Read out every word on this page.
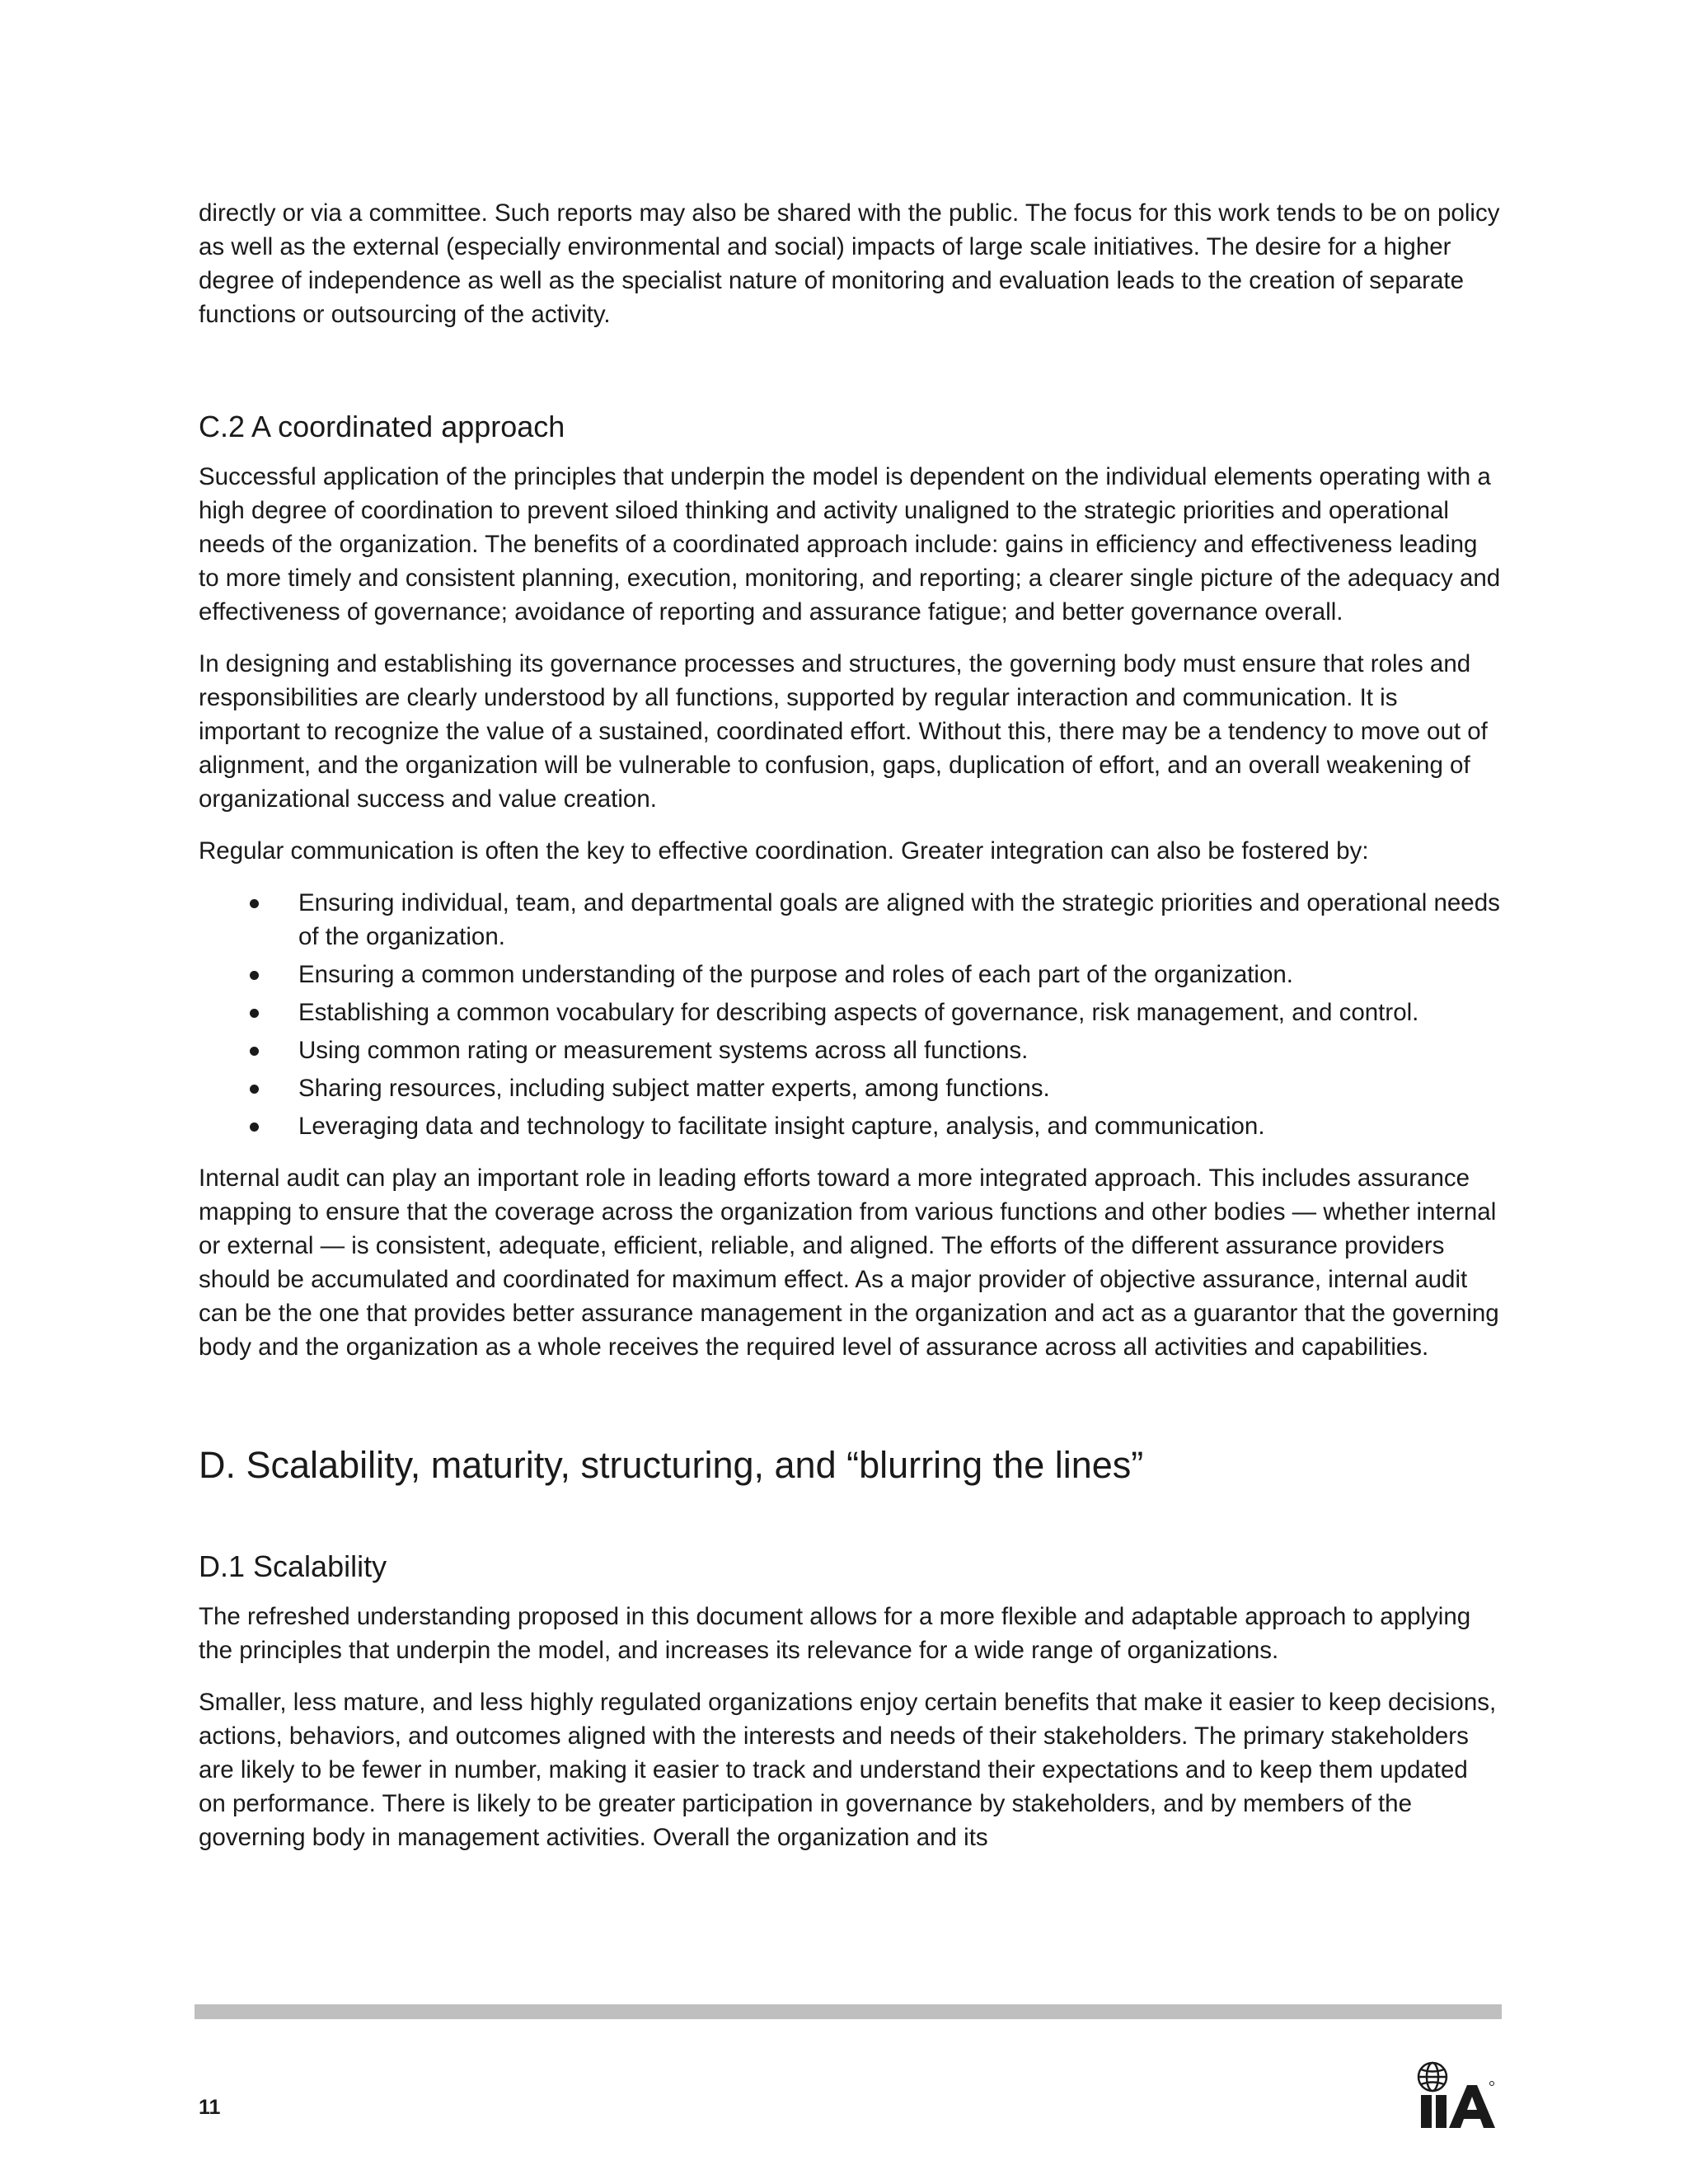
directly or via a committee. Such reports may also be shared with the public. The focus for this work tends to be on policy as well as the external (especially environmental and social) impacts of large scale initiatives. The desire for a higher degree of independence as well as the specialist nature of monitoring and evaluation leads to the creation of separate functions or outsourcing of the activity.

C.2 A coordinated approach

Successful application of the principles that underpin the model is dependent on the individual elements operating with a high degree of coordination to prevent siloed thinking and activity unaligned to the strategic priorities and operational needs of the organization. The benefits of a coordinated approach include: gains in efficiency and effectiveness leading to more timely and consistent planning, execution, monitoring, and reporting; a clearer single picture of the adequacy and effectiveness of governance; avoidance of reporting and assurance fatigue; and better governance overall.

In designing and establishing its governance processes and structures, the governing body must ensure that roles and responsibilities are clearly understood by all functions, supported by regular interaction and communication. It is important to recognize the value of a sustained, coordinated effort. Without this, there may be a tendency to move out of alignment, and the organization will be vulnerable to confusion, gaps, duplication of effort, and an overall weakening of organizational success and value creation.

Regular communication is often the key to effective coordination. Greater integration can also be fostered by:

Ensuring individual, team, and departmental goals are aligned with the strategic priorities and operational needs of the organization.
Ensuring a common understanding of the purpose and roles of each part of the organization.
Establishing a common vocabulary for describing aspects of governance, risk management, and control.
Using common rating or measurement systems across all functions.
Sharing resources, including subject matter experts, among functions.
Leveraging data and technology to facilitate insight capture, analysis, and communication.

Internal audit can play an important role in leading efforts toward a more integrated approach. This includes assurance mapping to ensure that the coverage across the organization from various functions and other bodies — whether internal or external — is consistent, adequate, efficient, reliable, and aligned. The efforts of the different assurance providers should be accumulated and coordinated for maximum effect. As a major provider of objective assurance, internal audit can be the one that provides better assurance management in the organization and act as a guarantor that the governing body and the organization as a whole receives the required level of assurance across all activities and capabilities.

D. Scalability, maturity, structuring, and “blurring the lines”
D.1 Scalability

The refreshed understanding proposed in this document allows for a more flexible and adaptable approach to applying the principles that underpin the model, and increases its relevance for a wide range of organizations.

Smaller, less mature, and less highly regulated organizations enjoy certain benefits that make it easier to keep decisions, actions, behaviors, and outcomes aligned with the interests and needs of their stakeholders. The primary stakeholders are likely to be fewer in number, making it easier to track and understand their expectations and to keep them updated on performance. There is likely to be greater participation in governance by stakeholders, and by members of the governing body in management activities. Overall the organization and its

11
